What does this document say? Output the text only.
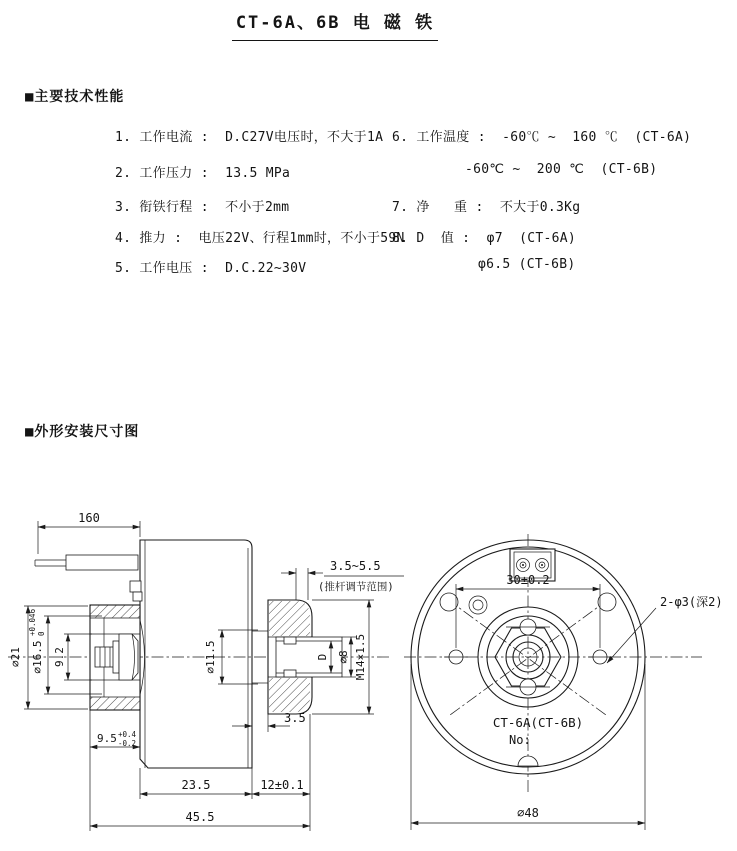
CT-6A、6B 电 磁 铁
■主要技术性能
1. 工作电流 :  D.C27V电压时，不大于1A
2. 工作压力 :  13.5 MPa
3. 衔铁行程 :  不小于2mm
4. 推力 :  电压22V、行程1mm时，不小于59N
5. 工作电压 :  D.C.22~30V
6. 工作温度 :  -60℃ ~  160 ℃  (CT-6A)
-60℃ ~  200 ℃  (CT-6B)
7. 净   重 :  不大于0.3Kg
8. D  值 :  φ7  (CT-6A)
φ6.5 (CT-6B)
■外形安装尺寸图
160
∅21 ∅16.5
+0.046 0
9.2	∅11.5	D ∅8 M14×1.5
3.5~5.5
(推杆调节范围)
3.5
9.5 +0.4
-0.2
23.5	12±0.1
45.5
30±0.2
2-φ3(深2)
CT-6A(CT-6B)
No:
∅48
